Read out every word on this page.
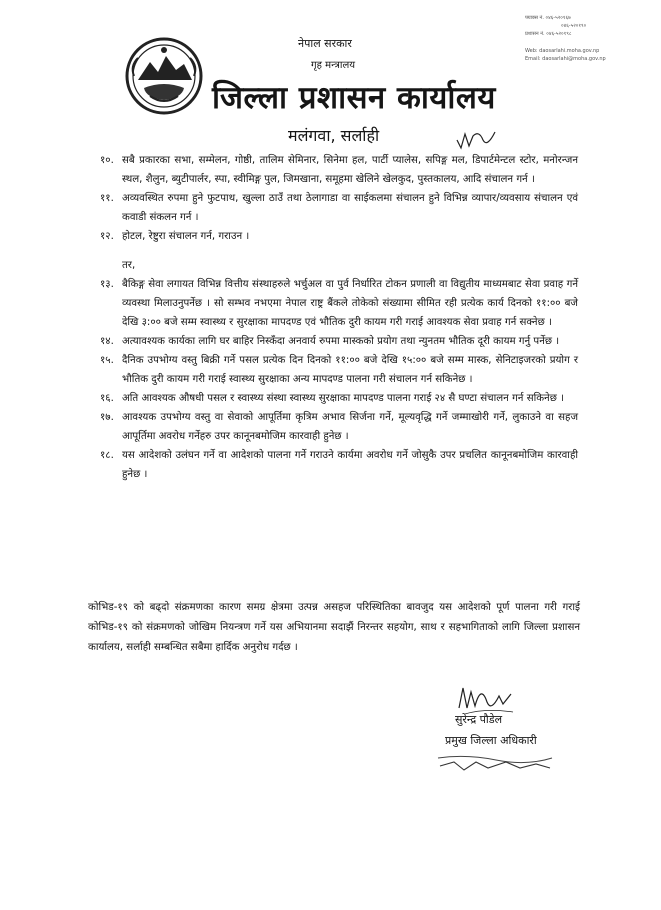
फ्याक्स नं. ०४६-५२०१६७
०४६-५२०१९०
प्रशासन नं. ०४६-५२०१९८
Web: daosarlahi.moha.gov.np
Email: daosarlahi@moha.gov.np
नेपाल सरकार
गृह मन्त्रालय
जिल्ला प्रशासन कार्यालय
मलंगवा, सर्लाही
१०. सबै प्रकारका सभा, सम्मेलन, गोष्ठी, तालिम सेमिनार, सिनेमा हल, पार्टी प्यालेस, सपिङ्ग मल, डिपार्टमेन्टल स्टोर, मनोरन्जन स्थल, शैलुन, ब्युटीपार्लर, स्पा, स्वीमिङ्ग पुल, जिमखाना, समूहमा खेलिने खेलकुद, पुस्तकालय, आदि संचालन गर्न ।
११. अव्यवस्थित रुपमा हुने फुटपाथ, खुल्ला ठाउँ तथा ठेलागाडा वा साईकलमा संचालन हुने विभिन्न व्यापार/व्यवसाय संचालन एवं कवाडी संकलन गर्न ।
१२. होटल, रेष्टुरा संचालन गर्न, गराउन ।
तर,
१३. बैकिङ्ग सेवा लगायत विभिन्न वित्तीय संस्थाहरुले भर्चुअल वा पुर्व निर्धारित टोकन प्रणाली वा विद्युतीय माध्यमबाट सेवा प्रवाह गर्ने व्यवस्था मिलाउनुपर्नेछ । सो सम्भव नभएमा नेपाल राष्ट्र बैंकले तोकेको संख्यामा सीमित रही प्रत्येक कार्य दिनको ११:०० बजे देखि ३:०० बजे सम्म स्वास्थ्य र सुरक्षाका मापदण्ड एवं भौतिक दुरी कायम गरी गराई आवश्यक सेवा प्रवाह गर्न सक्नेछ ।
१४. अत्यावश्यक कार्यका लागि घर बाहिर निस्कँदा अनवार्य रुपमा मास्कको प्रयोग तथा न्युनतम भौतिक दूरी कायम गर्नु पर्नेछ ।
१५. दैनिक उपभोग्य वस्तु बिक्री गर्ने पसल प्रत्येक दिन दिनको ११:०० बजे देखि १५:०० बजे सम्म मास्क, सेनिटाइजरको प्रयोग र भौतिक दुरी कायम गरी गराई स्वास्थ्य सुरक्षाका अन्य मापदण्ड पालना गरी संचालन गर्न सकिनेछ ।
१६. अति आवश्यक औषधी पसल र स्वास्थ्य संस्था स्वास्थ्य सुरक्षाका मापदण्ड पालना गराई २४ सै घण्टा संचालन गर्न सकिनेछ ।
१७. आवश्यक उपभोग्य वस्तु वा सेवाको आपूर्तिमा कृत्रिम अभाव सिर्जना गर्ने, मूल्यवृद्धि गर्ने जम्माखोरी गर्ने, लुकाउने वा सहज आपूर्तिमा अवरोध गर्नेहरु उपर कानूनबमोजिम कारवाही हुनेछ ।
१८. यस आदेशको उलंघन गर्ने वा आदेशको पालना गर्ने गराउने कार्यमा अवरोध गर्ने जोसुकै उपर प्रचलित कानूनबमोजिम कारवाही हुनेछ ।
कोभिड-१९ को बढ्दो संक्रमणका कारण समग्र क्षेत्रमा उत्पन्न असहज परिस्थितिका बावजुद यस आदेशको पूर्ण पालना गरी गराई कोभिड-१९ को संक्रमणको जोखिम नियन्त्रण गर्ने यस अभियानमा सदाझैं निरन्तर सहयोग, साथ र सहभागिताको लागि जिल्ला प्रशासन कार्यालय, सर्लाही सम्बन्धित सबैमा हार्दिक अनुरोध गर्दछ ।
सुरेन्द्र पौडेल
प्रमुख जिल्ला अधिकारी
